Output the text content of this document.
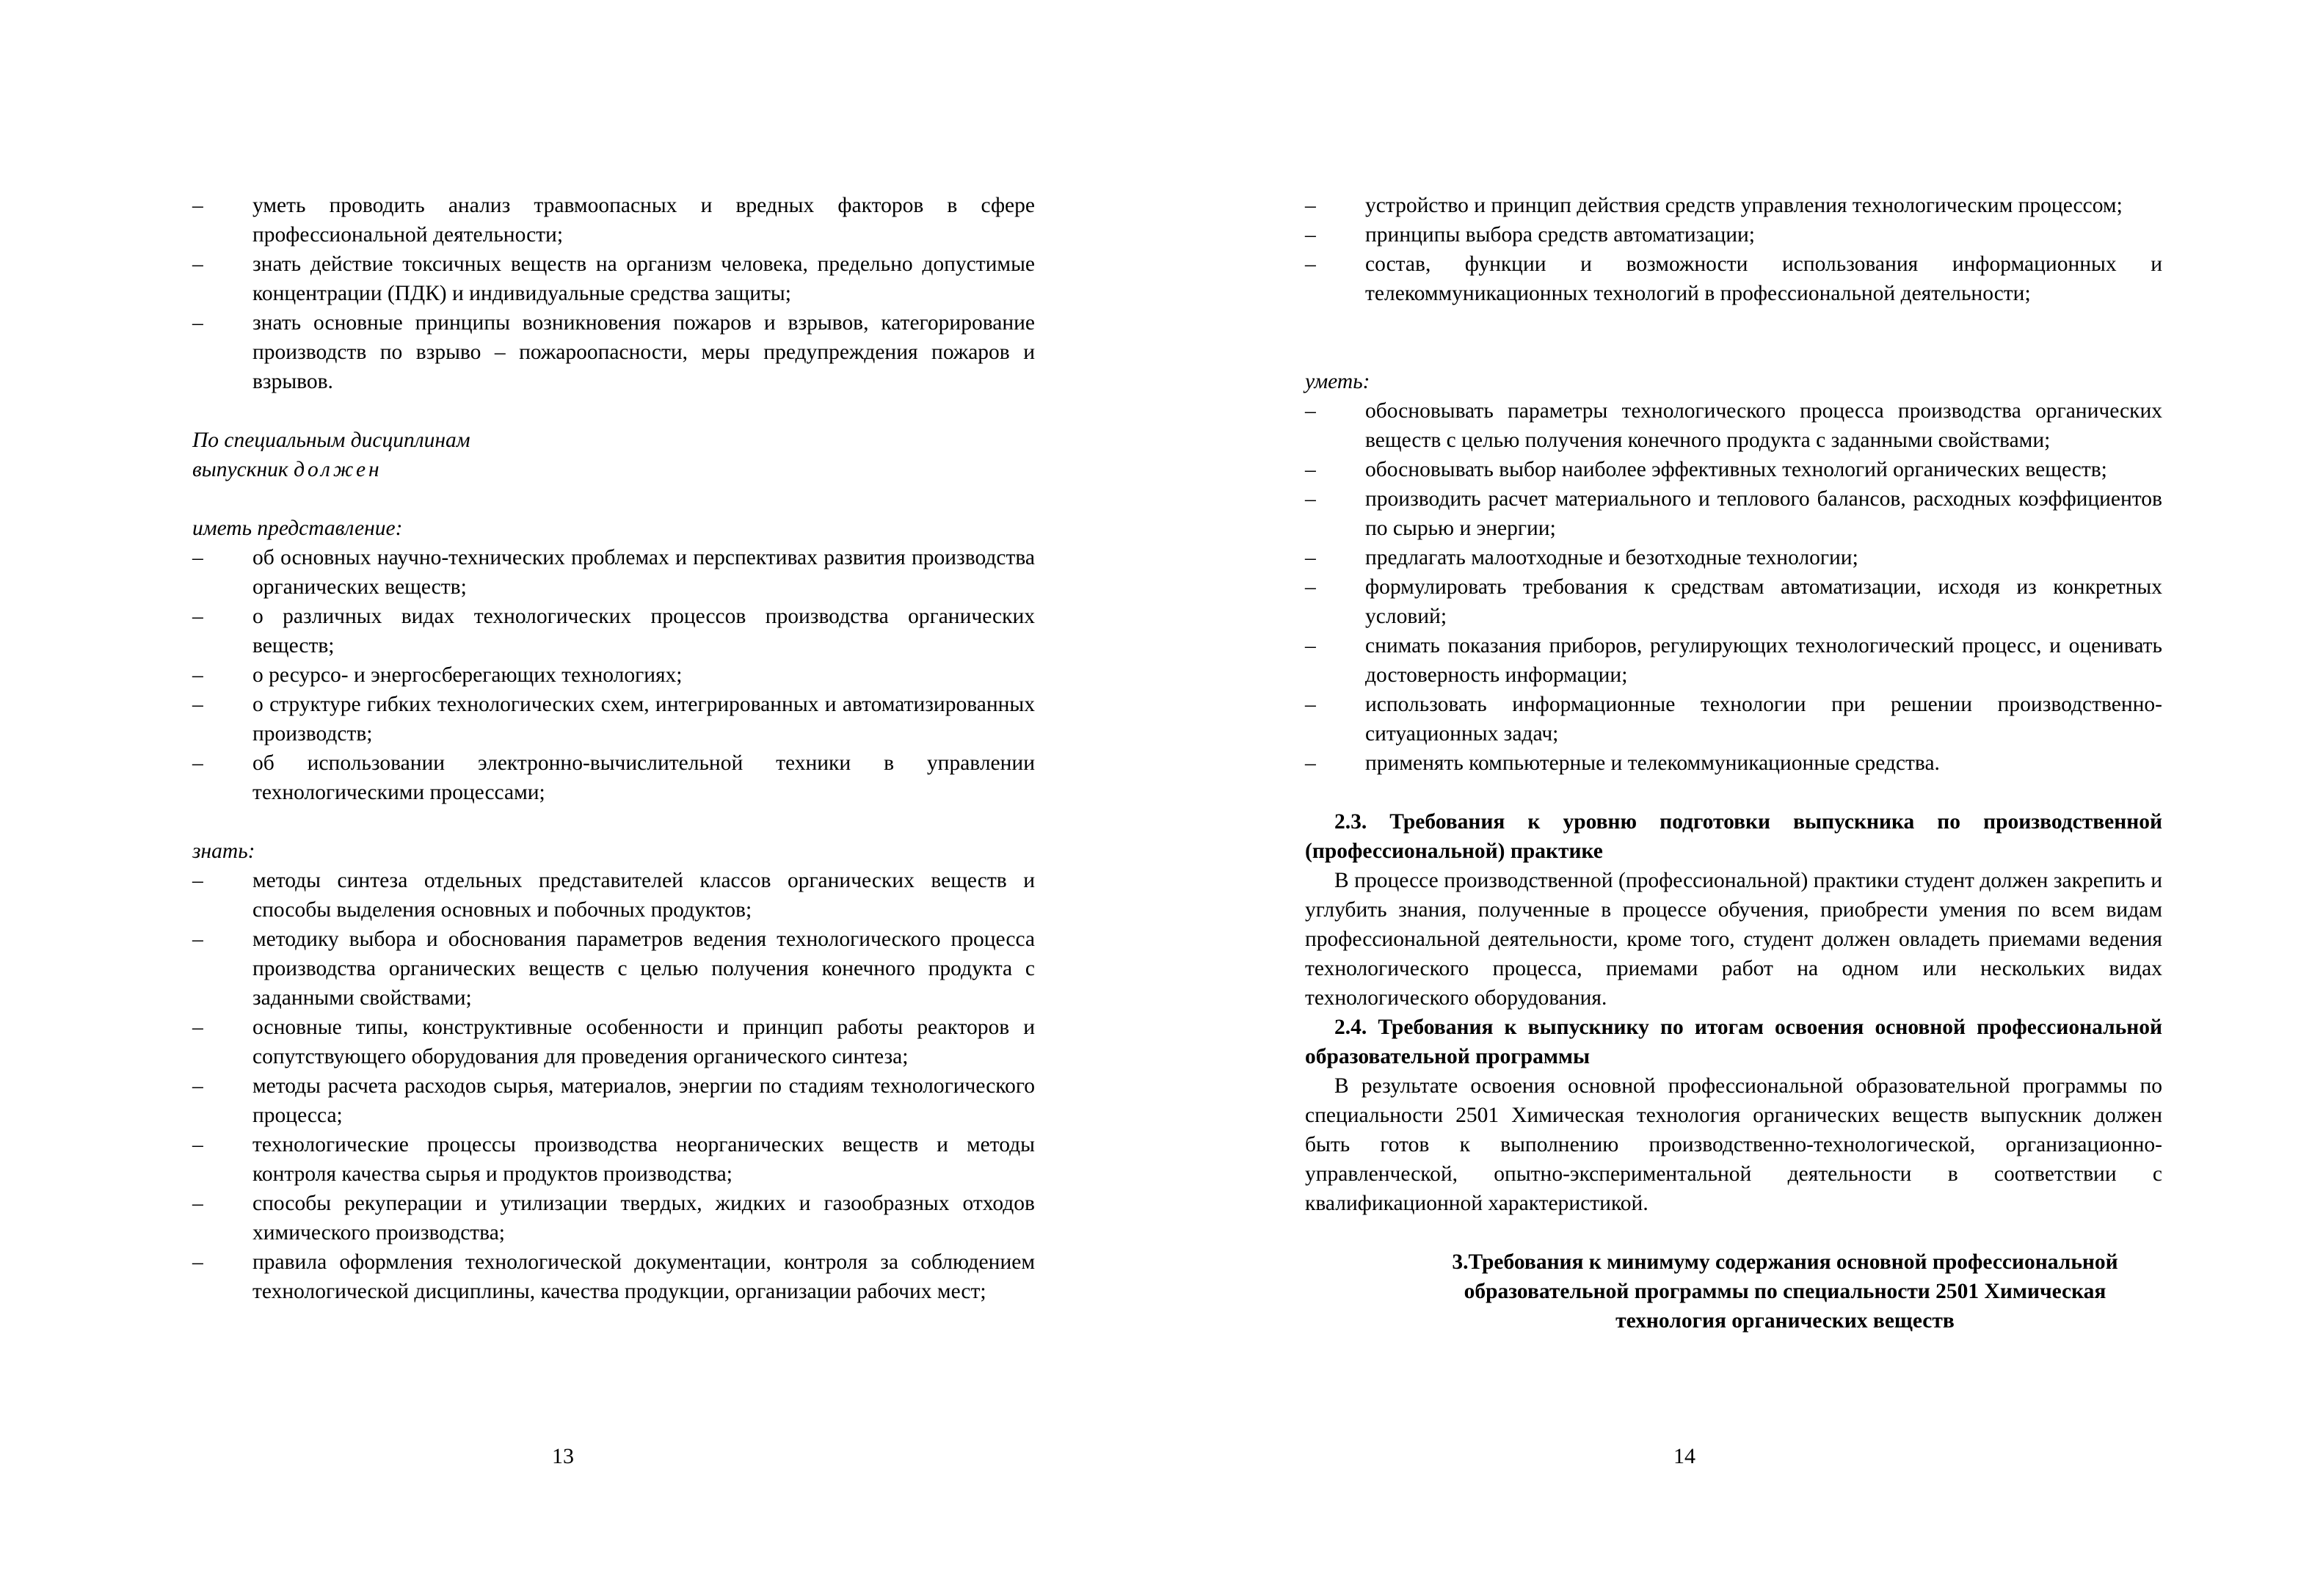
– уметь проводить анализ травмоопасных и вредных факторов в сфере профессиональной деятельности;
– знать действие токсичных веществ на организм человека, предельно допустимые концентрации (ПДК) и индивидуальные средства защиты;
– знать основные принципы возникновения пожаров и взрывов, категорирование производств по взрыво – пожароопасности, меры предупреждения пожаров и взрывов.
По специальным дисциплинам
выпускник должен
иметь представление:
– об основных научно-технических проблемах и перспективах развития производства органических веществ;
– о различных видах технологических процессов производства органических веществ;
– о ресурсо- и энергосберегающих технологиях;
– о структуре гибких технологических схем, интегрированных и автоматизированных производств;
– об использовании электронно-вычислительной техники в управлении технологическими процессами;
знать:
– методы синтеза отдельных представителей классов органических веществ и способы выделения основных и побочных продуктов;
– методику выбора и обоснования параметров ведения технологического процесса производства органических веществ с целью получения конечного продукта с заданными свойствами;
– основные типы, конструктивные особенности и принцип работы реакторов и сопутствующего оборудования для проведения органического синтеза;
– методы расчета расходов сырья, материалов, энергии по стадиям технологического процесса;
– технологические процессы производства неорганических веществ и методы контроля качества сырья и продуктов производства;
– способы рекуперации и утилизации твердых, жидких и газообразных отходов химического производства;
– правила оформления технологической документации, контроля за соблюдением технологической дисциплины, качества продукции, организации рабочих мест;
13
– устройство и принцип действия средств управления технологическим процессом;
– принципы выбора средств автоматизации;
– состав, функции и возможности использования информационных и телекоммуникационных технологий в профессиональной деятельности;
уметь:
– обосновывать параметры технологического процесса производства органических веществ с целью получения конечного продукта с заданными свойствами;
– обосновывать выбор наиболее эффективных технологий органических веществ;
– производить расчет материального и теплового балансов, расходных коэффициентов по сырью и энергии;
– предлагать малоотходные и безотходные технологии;
– формулировать требования к средствам автоматизации, исходя из конкретных условий;
– снимать показания приборов, регулирующих технологический процесс, и оценивать достоверность информации;
– использовать информационные технологии при решении производственно-ситуационных задач;
– применять компьютерные и телекоммуникационные средства.
2.3. Требования к уровню подготовки выпускника по производственной (профессиональной) практике
В процессе производственной (профессиональной) практики студент должен закрепить и углубить знания, полученные в процессе обучения, приобрести умения по всем видам профессиональной деятельности, кроме того, студент должен овладеть приемами ведения технологического процесса, приемами работ на одном или нескольких видах технологического оборудования.
2.4. Требования к выпускнику по итогам освоения основной профессиональной образовательной программы
В результате освоения основной профессиональной образовательной программы по специальности 2501 Химическая технология органических веществ выпускник должен быть готов к выполнению производственно-технологической, организационно-управленческой, опытно-экспериментальной деятельности в соответствии с квалификационной характеристикой.
3.Требования к минимуму содержания основной профессиональной образовательной программы по специальности 2501 Химическая технология органических веществ
14
